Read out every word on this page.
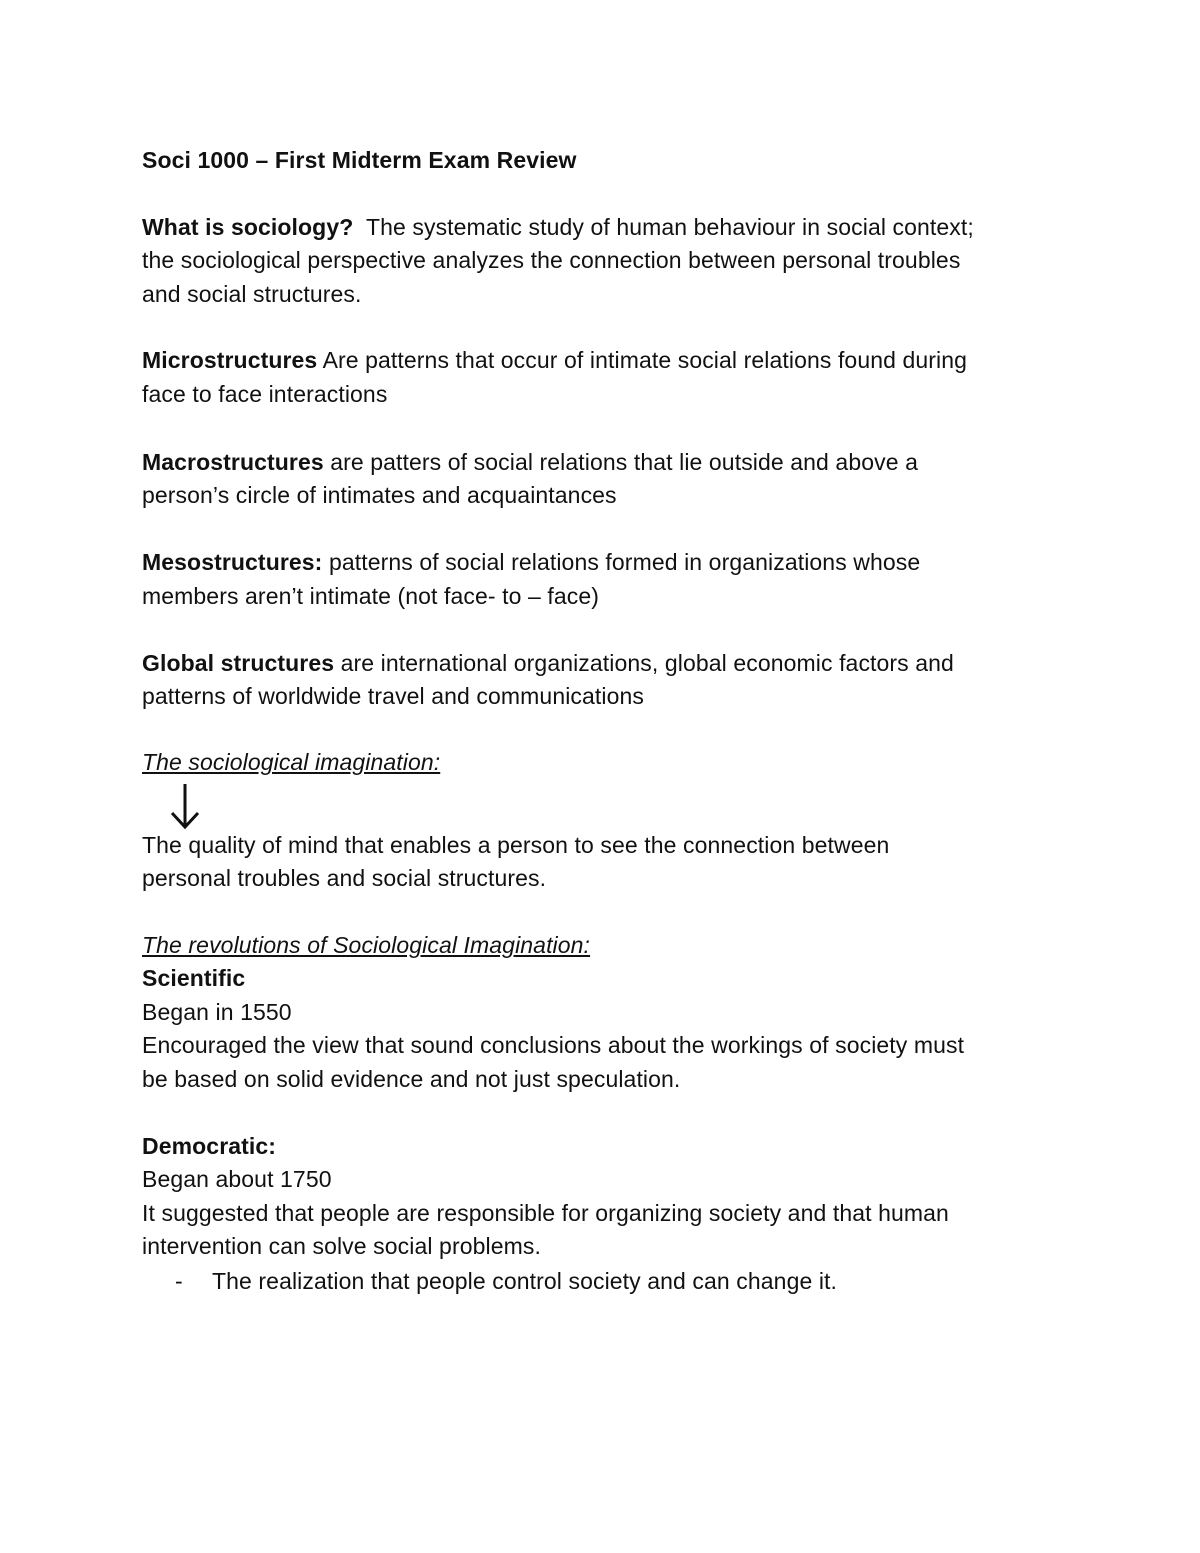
Soci 1000 – First Midterm Exam Review
What is sociology? The systematic study of human behaviour in social context;
the sociological perspective analyzes the connection between personal troubles
and social structures.
Microstructures Are patterns that occur of intimate social relations found during
face to face interactions
Macrostructures are patters of social relations that lie outside and above a
person’s circle of intimates and acquaintances
Mesostructures: patterns of social relations formed in organizations whose
members aren’t intimate (not face- to – face)
Global structures are international organizations, global economic factors and
patterns of worldwide travel and communications
The sociological imagination:
The quality of mind that enables a person to see the connection between
personal troubles and social structures.
The revolutions of Sociological Imagination:
Scientific
Began in 1550
Encouraged the view that sound conclusions about the workings of society must
be based on solid evidence and not just speculation.
Democratic:
Began about 1750
It suggested that people are responsible for organizing society and that human
intervention can solve social problems.
- The realization that people control society and can change it.
